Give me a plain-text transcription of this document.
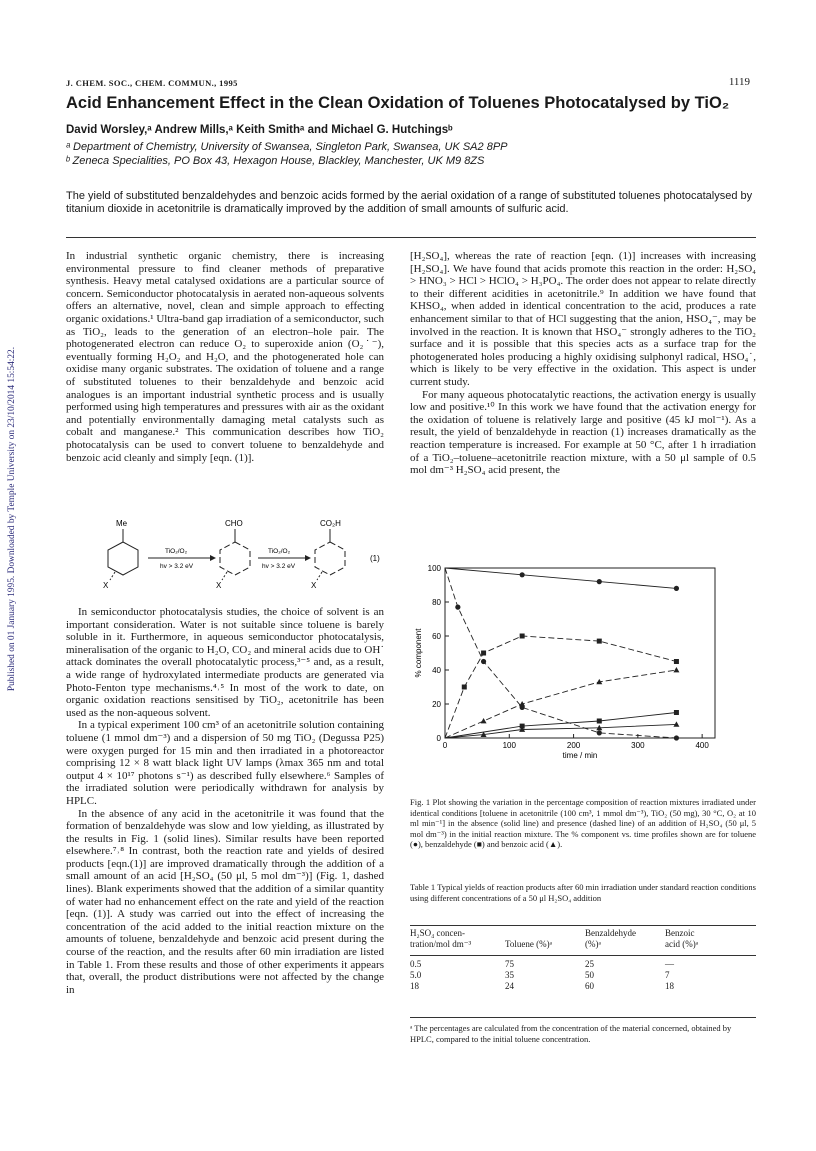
Published on 01 January 1995. Downloaded by Temple University on 23/10/2014 15:54:22.
J. CHEM. SOC., CHEM. COMMUN., 1995	1119
Acid Enhancement Effect in the Clean Oxidation of Toluenes Photocatalysed by TiO₂
David Worsley,ᵃ Andrew Mills,ᵃ Keith Smithᵃ and Michael G. Hutchingsᵇ
ᵃ Department of Chemistry, University of Swansea, Singleton Park, Swansea, UK SA2 8PP
ᵇ Zeneca Specialities, PO Box 43, Hexagon House, Blackley, Manchester, UK M9 8ZS
The yield of substituted benzaldehydes and benzoic acids formed by the aerial oxidation of a range of substituted toluenes photocatalysed by titanium dioxide in acetonitrile is dramatically improved by the addition of small amounts of sulfuric acid.

In industrial synthetic organic chemistry, there is increasing environmental pressure to find cleaner methods of preparative synthesis. Heavy metal catalysed oxidations are a particular source of concern. Semiconductor photocatalysis in aerated non-aqueous solvents offers an alternative, novel, clean and simple approach to effecting organic oxidations.¹ Ultra-band gap irradiation of a semiconductor, such as TiO₂, leads to the generation of an electron–hole pair. The photogenerated electron can reduce O₂ to superoxide anion (O₂˙⁻), eventually forming H₂O₂ and H₂O, and the photogenerated hole can oxidise many organic substrates. The oxidation of toluene and a range of substituted toluenes to their benzaldehyde and benzoic acid analogues is an important industrial synthetic process and is usually performed using high temperatures and pressures with air as the oxidant and potentially environmentally damaging metal catalysts such as cobalt and manganese.² This communication describes how TiO₂ photocatalysis can be used to convert toluene to benzaldehyde and benzoic acid cleanly and simply [eqn. (1)].

Me	CHO	CO₂H
X	X	X
TiO₂/O₂
hv > 3.2 eV
TiO₂/O₂
hv > 3.2 eV
(1)

In semiconductor photocatalysis studies, the choice of solvent is an important consideration. Water is not suitable since toluene is barely soluble in it. Furthermore, in aqueous semiconductor photocatalysis, mineralisation of the organic to H₂O, CO₂ and mineral acids due to OH˙ attack dominates the overall photocatalytic process,³⁻⁵ and, as a result, a wide range of hydroxylated intermediate products are generated via Photo-Fenton type mechanisms.⁴˒⁵ In most of the work to date, on organic oxidation reactions sensitised by TiO₂, acetonitrile has been used as the non-aqueous solvent.

In a typical experiment 100 cm³ of an acetonitrile solution containing toluene (1 mmol dm⁻³) and a dispersion of 50 mg TiO₂ (Degussa P25) were oxygen purged for 15 min and then irradiated in a photoreactor comprising 12 × 8 watt black light UV lamps (λmax 365 nm and total output 4 × 10¹⁷ photons s⁻¹) as described fully elsewhere.⁶ Samples of the irradiated solution were periodically withdrawn for analysis by HPLC.

In the absence of any acid in the acetonitrile it was found that the formation of benzaldehyde was slow and low yielding, as illustrated by the results in Fig. 1 (solid lines). Similar results have been reported elsewhere.⁷˒⁸ In contrast, both the reaction rate and yields of desired products [eqn.(1)] are improved dramatically through the addition of a small amount of an acid [H₂SO₄ (50 μl, 5 mol dm⁻³)] (Fig. 1, dashed lines). Blank experiments showed that the addition of a similar quantity of water had no enhancement effect on the rate and yield of the reaction [eqn. (1)]. A study was carried out into the effect of increasing the concentration of the acid added to the initial reaction mixture on the amounts of toluene, benzaldehyde and benzoic acid present during the course of the reaction, and the results after 60 min irradiation are listed in Table 1. From these results and those of other experiments it appears that, overall, the product distributions were not affected by the change in

[H₂SO₄], whereas the rate of reaction [eqn. (1)] increases with increasing [H₂SO₄]. We have found that acids promote this reaction in the order: H₂SO₄ > HNO₃ > HCl > HClO₄ > H₃PO₄. The order does not appear to relate directly to their different acidities in acetonitrile.⁹ In addition we have found that KHSO₄, when added in identical concentration to the acid, produces a rate enhancement similar to that of HCl suggesting that the anion, HSO₄⁻, may be involved in the reaction. It is known that HSO₄⁻ strongly adheres to the TiO₂ surface and it is possible that this species acts as a surface trap for the photogenerated holes producing a highly oxidising sulphonyl radical, HSO₄˙, which is likely to be very effective in the oxidation. This aspect is under current study.

For many aqueous photocatalytic reactions, the activation energy is usually low and positive.¹⁰ In this work we have found that the activation energy for the oxidation of toluene is relatively large and positive (45 kJ mol⁻¹). As a result, the yield of benzaldehyde in reaction (1) increases dramatically as the reaction temperature is increased. For example at 50 °C, after 1 h irradiation of a TiO₂–toluene–acetonitrile reaction mixture, with a 50 μl sample of 0.5 mol dm⁻³ H₂SO₄ acid present, the

0	100	200	300	400
0
20
40
60
80
100
% component
time / min
Fig. 1 Plot showing the variation in the percentage composition of reaction mixtures irradiated under identical conditions [toluene in acetonitrile (100 cm³, 1 mmol dm⁻³), TiO₂ (50 mg), 30 °C, O₂ at 10 ml min⁻¹] in the absence (solid line) and presence (dashed line) of an addition of H₂SO₄ (50 μl, 5 mol dm⁻³) in the initial reaction mixture. The % component vs. time profiles shown are for toluene (●), benzaldehyde (■) and benzoic acid (▲).
Table 1 Typical yields of reaction products after 60 min irradiation under standard reaction conditions using different concentrations of a 50 μl H₂SO₄ addition
H₂SO₄ concen-
tration/mol dm⁻³	Toluene (%)ᵃ	Benzaldehyde
(%)ᵃ	Benzoic
acid (%)ᵃ

0.5	75	25	—
5.0	35	50	7
18	24	60	18
ᵃ The percentages are calculated from the concentration of the material concerned, obtained by HPLC, compared to the initial toluene concentration.
